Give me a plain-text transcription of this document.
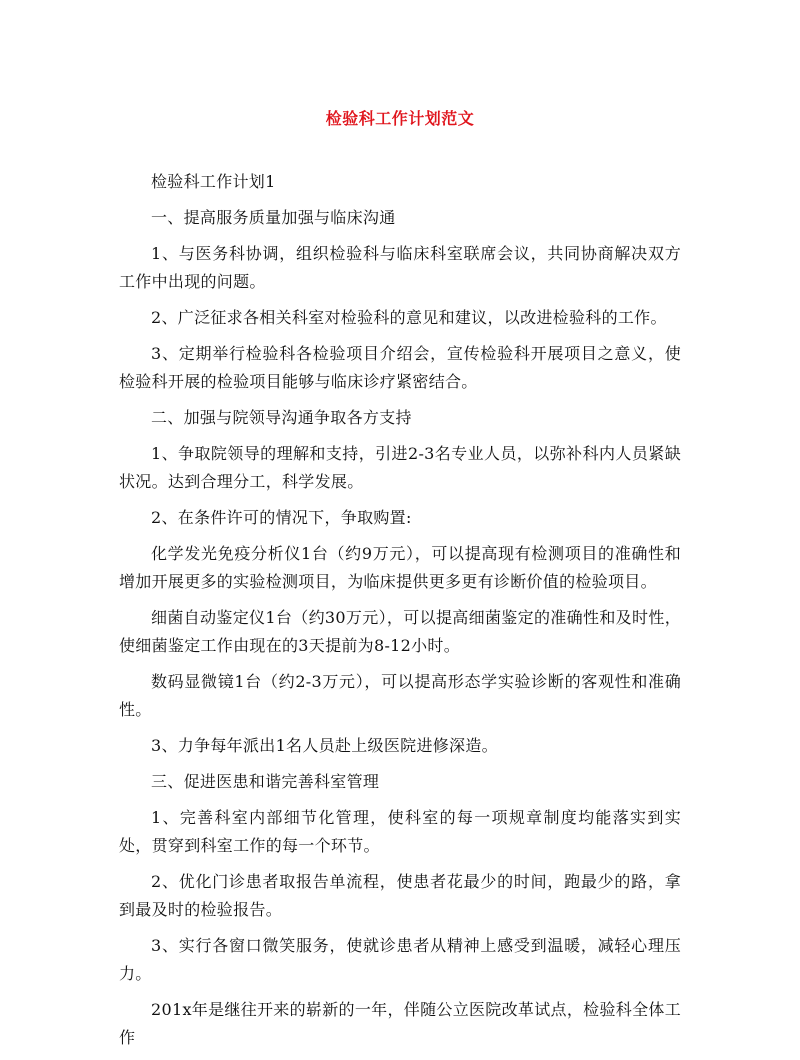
检验科工作计划范文

检验科工作计划1

一、提高服务质量加强与临床沟通

1、与医务科协调，组织检验科与临床科室联席会议，共同协商解决双方工作中出现的问题。

2、广泛征求各相关科室对检验科的意见和建议，以改进检验科的工作。

3、定期举行检验科各检验项目介绍会，宣传检验科开展项目之意义，使检验科开展的检验项目能够与临床诊疗紧密结合。

二、加强与院领导沟通争取各方支持

1、争取院领导的理解和支持，引进2-3名专业人员，以弥补科内人员紧缺状况。达到合理分工，科学发展。

2、在条件许可的情况下，争取购置:

化学发光免疫分析仪1台（约9万元），可以提高现有检测项目的准确性和增加开展更多的实验检测项目，为临床提供更多更有诊断价值的检验项目。

细菌自动鉴定仪1台（约30万元），可以提高细菌鉴定的准确性和及时性，使细菌鉴定工作由现在的3天提前为8-12小时。

数码显微镜1台（约2-3万元），可以提高形态学实验诊断的客观性和准确性。

3、力争每年派出1名人员赴上级医院进修深造。

三、促进医患和谐完善科室管理

1、完善科室内部细节化管理，使科室的每一项规章制度均能落实到实处，贯穿到科室工作的每一个环节。

2、优化门诊患者取报告单流程，使患者花最少的时间，跑最少的路，拿到最及时的检验报告。

3、实行各窗口微笑服务，使就诊患者从精神上感受到温暖，减轻心理压力。

201x年是继往开来的崭新的一年，伴随公立医院改革试点，检验科全体工作
